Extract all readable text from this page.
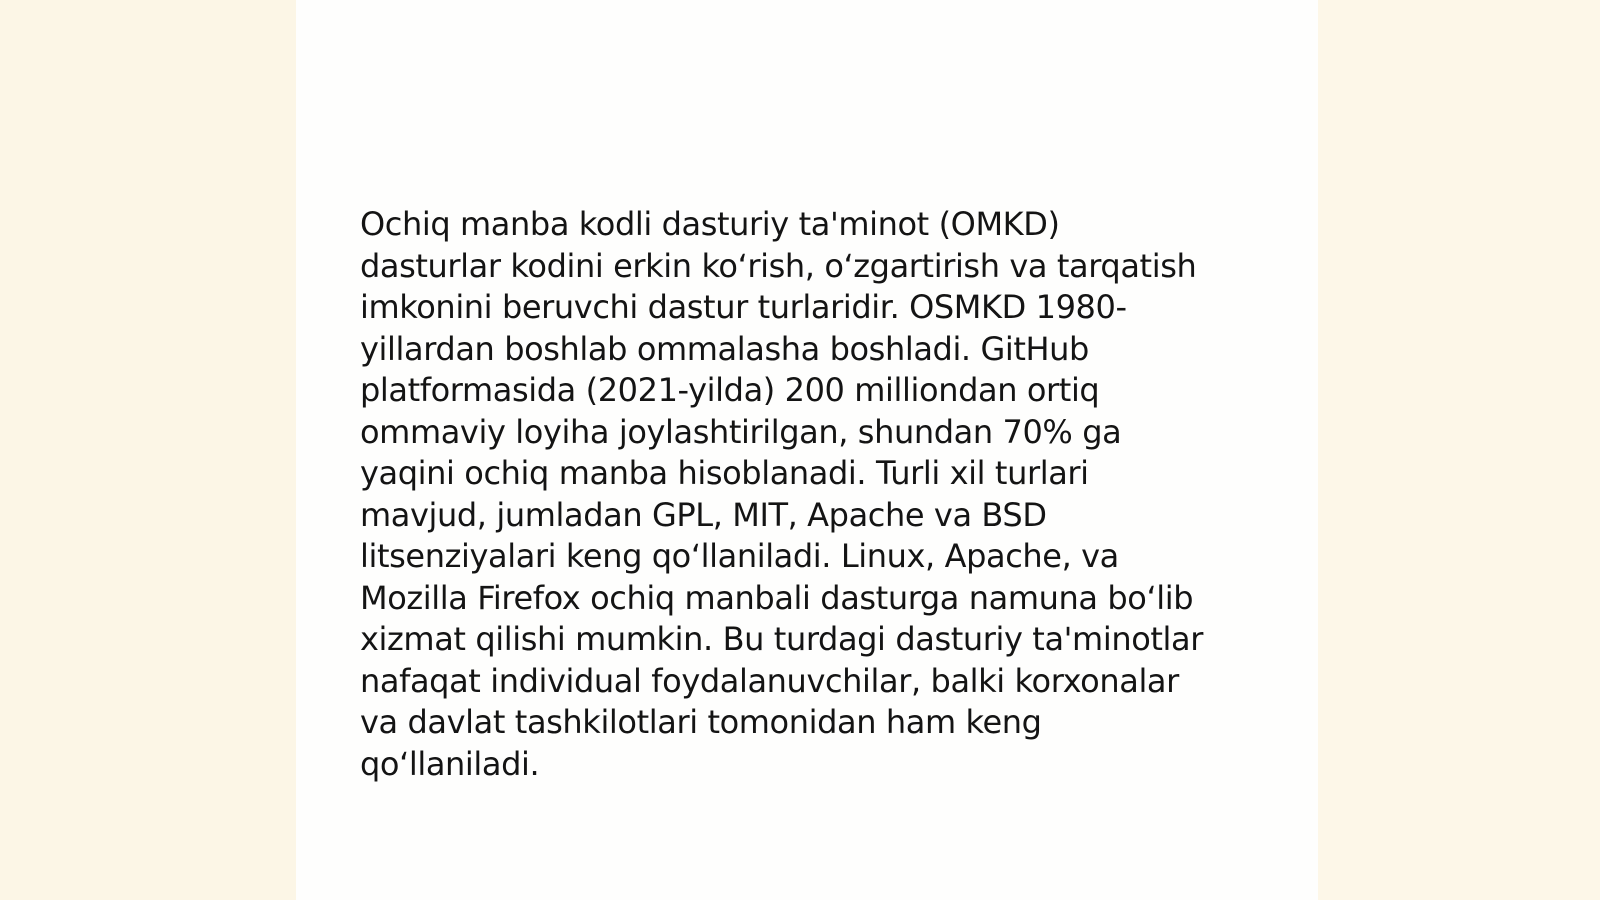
Ochiq manba kodli dasturiy ta'minot (OMKD)
dasturlar kodini erkin koʻrish, oʻzgartirish va tarqatish
imkonini beruvchi dastur turlaridir. OSMKD 1980-
yillardan boshlab ommalasha boshladi. GitHub
platformasida (2021-yilda) 200 milliondan ortiq
ommaviy loyiha joylashtirilgan, shundan 70% ga
yaqini ochiq manba hisoblanadi. Turli xil turlari
mavjud, jumladan GPL, MIT, Apache va BSD
litsenziyalari keng qoʻllaniladi. Linux, Apache, va
Mozilla Firefox ochiq manbali dasturga namuna boʻlib
xizmat qilishi mumkin. Bu turdagi dasturiy ta'minotlar
nafaqat individual foydalanuvchilar, balki korxonalar
va davlat tashkilotlari tomonidan ham keng
qoʻllaniladi.
